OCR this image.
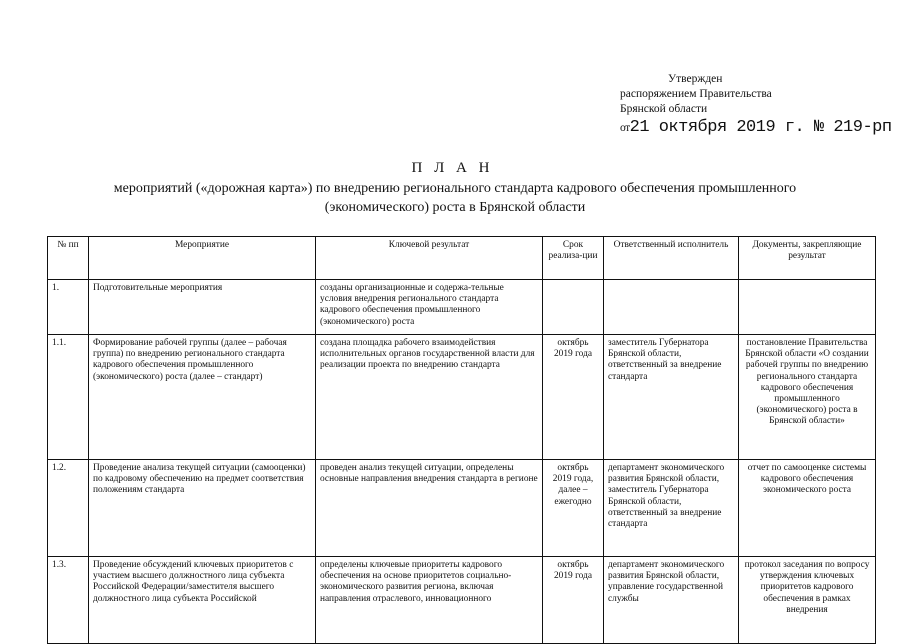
Утвержден
распоряжением Правительства
Брянской области
от21 октября 2019 г. № 219-рп
П Л А Н
мероприятий («дорожная карта») по внедрению регионального стандарта кадрового обеспечения промышленного
(экономического) роста в Брянской области
№ пп	Мероприятие	Ключевой результат	Срок реализа-ции	Ответственный исполнитель	Документы, закрепляющие результат
1.	Подготовительные мероприятия	созданы организационные и содержа-тельные условия внедрения регионального стандарта кадрового обеспечения промышленного (экономического) роста			
1.1.	Формирование рабочей группы (далее – рабочая группа) по внедрению регионального стандарта кадрового обеспечения промышленного (экономического) роста (далее – стандарт)	создана площадка рабочего взаимодействия исполнительных органов государственной власти для реализации проекта по внедрению стандарта	октябрь 2019 года	заместитель Губернатора Брянской области, ответственный за внедрение стандарта	постановление Правительства Брянской области «О создании рабочей группы по внедрению регионального стандарта кадрового обеспечения промышленного (экономического) роста в Брянской области»
1.2.	Проведение анализа текущей ситуации (самооценки) по кадровому обеспечению на предмет соответствия положениям стандарта	проведен анализ текущей ситуации, определены основные направления внедрения стандарта в регионе	октябрь 2019 года, далее – ежегодно	департамент экономического развития Брянской области, заместитель Губернатора Брянской области, ответственный за внедрение стандарта	отчет по самооценке системы кадрового обеспечения экономического роста
1.3.	Проведение обсуждений ключевых приоритетов с участием высшего должностного лица субъекта Российской Федерации/заместителя высшего должностного лица субъекта Российской	определены ключевые приоритеты кадрового обеспечения на основе приоритетов социально-экономического развития региона, включая направления отраслевого, инновационного	октябрь 2019 года	департамент экономического развития Брянской области, управление государственной службы	протокол заседания по вопросу утверждения ключевых приоритетов кадрового обеспечения в рамках внедрения
